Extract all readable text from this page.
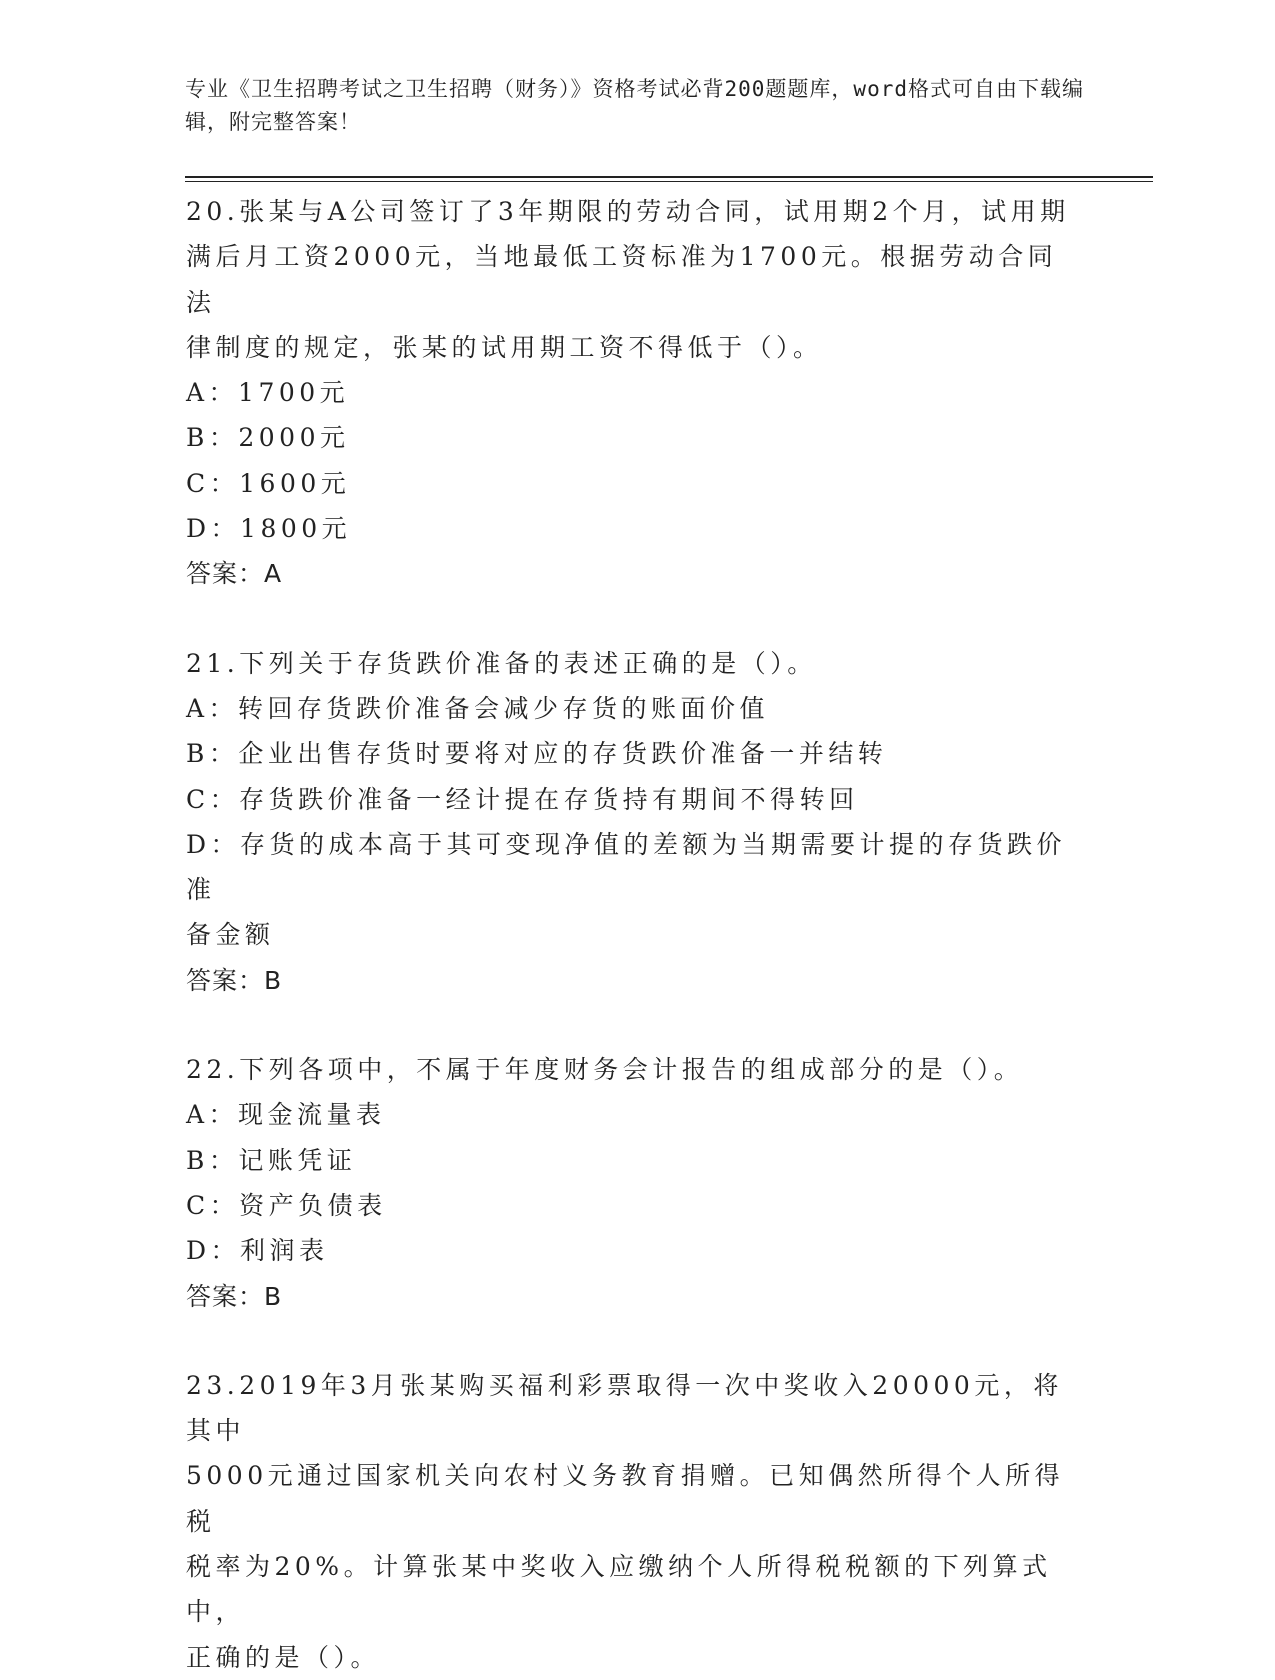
专业《卫生招聘考试之卫生招聘（财务）》资格考试必背200题题库，word格式可自由下载编辑，附完整答案！

20.张某与A公司签订了3年期限的劳动合同，试用期2个月，试用期

满后月工资2000元，当地最低工资标准为1700元。根据劳动合同法

律制度的规定，张某的试用期工资不得低于（）。

A：1700元

B：2000元

C：1600元

D：1800元

答案：A

21.下列关于存货跌价准备的表述正确的是（）。

A：转回存货跌价准备会减少存货的账面价值

B：企业出售存货时要将对应的存货跌价准备一并结转

C：存货跌价准备一经计提在存货持有期间不得转回

D：存货的成本高于其可变现净值的差额为当期需要计提的存货跌价准

备金额

答案：B

22.下列各项中，不属于年度财务会计报告的组成部分的是（）。

A：现金流量表

B：记账凭证

C：资产负债表

D：利润表

答案：B

23.2019年3月张某购买福利彩票取得一次中奖收入20000元，将其中

5000元通过国家机关向农村义务教育捐赠。已知偶然所得个人所得税

税率为20%。计算张某中奖收入应缴纳个人所得税税额的下列算式中，

正确的是（）。
